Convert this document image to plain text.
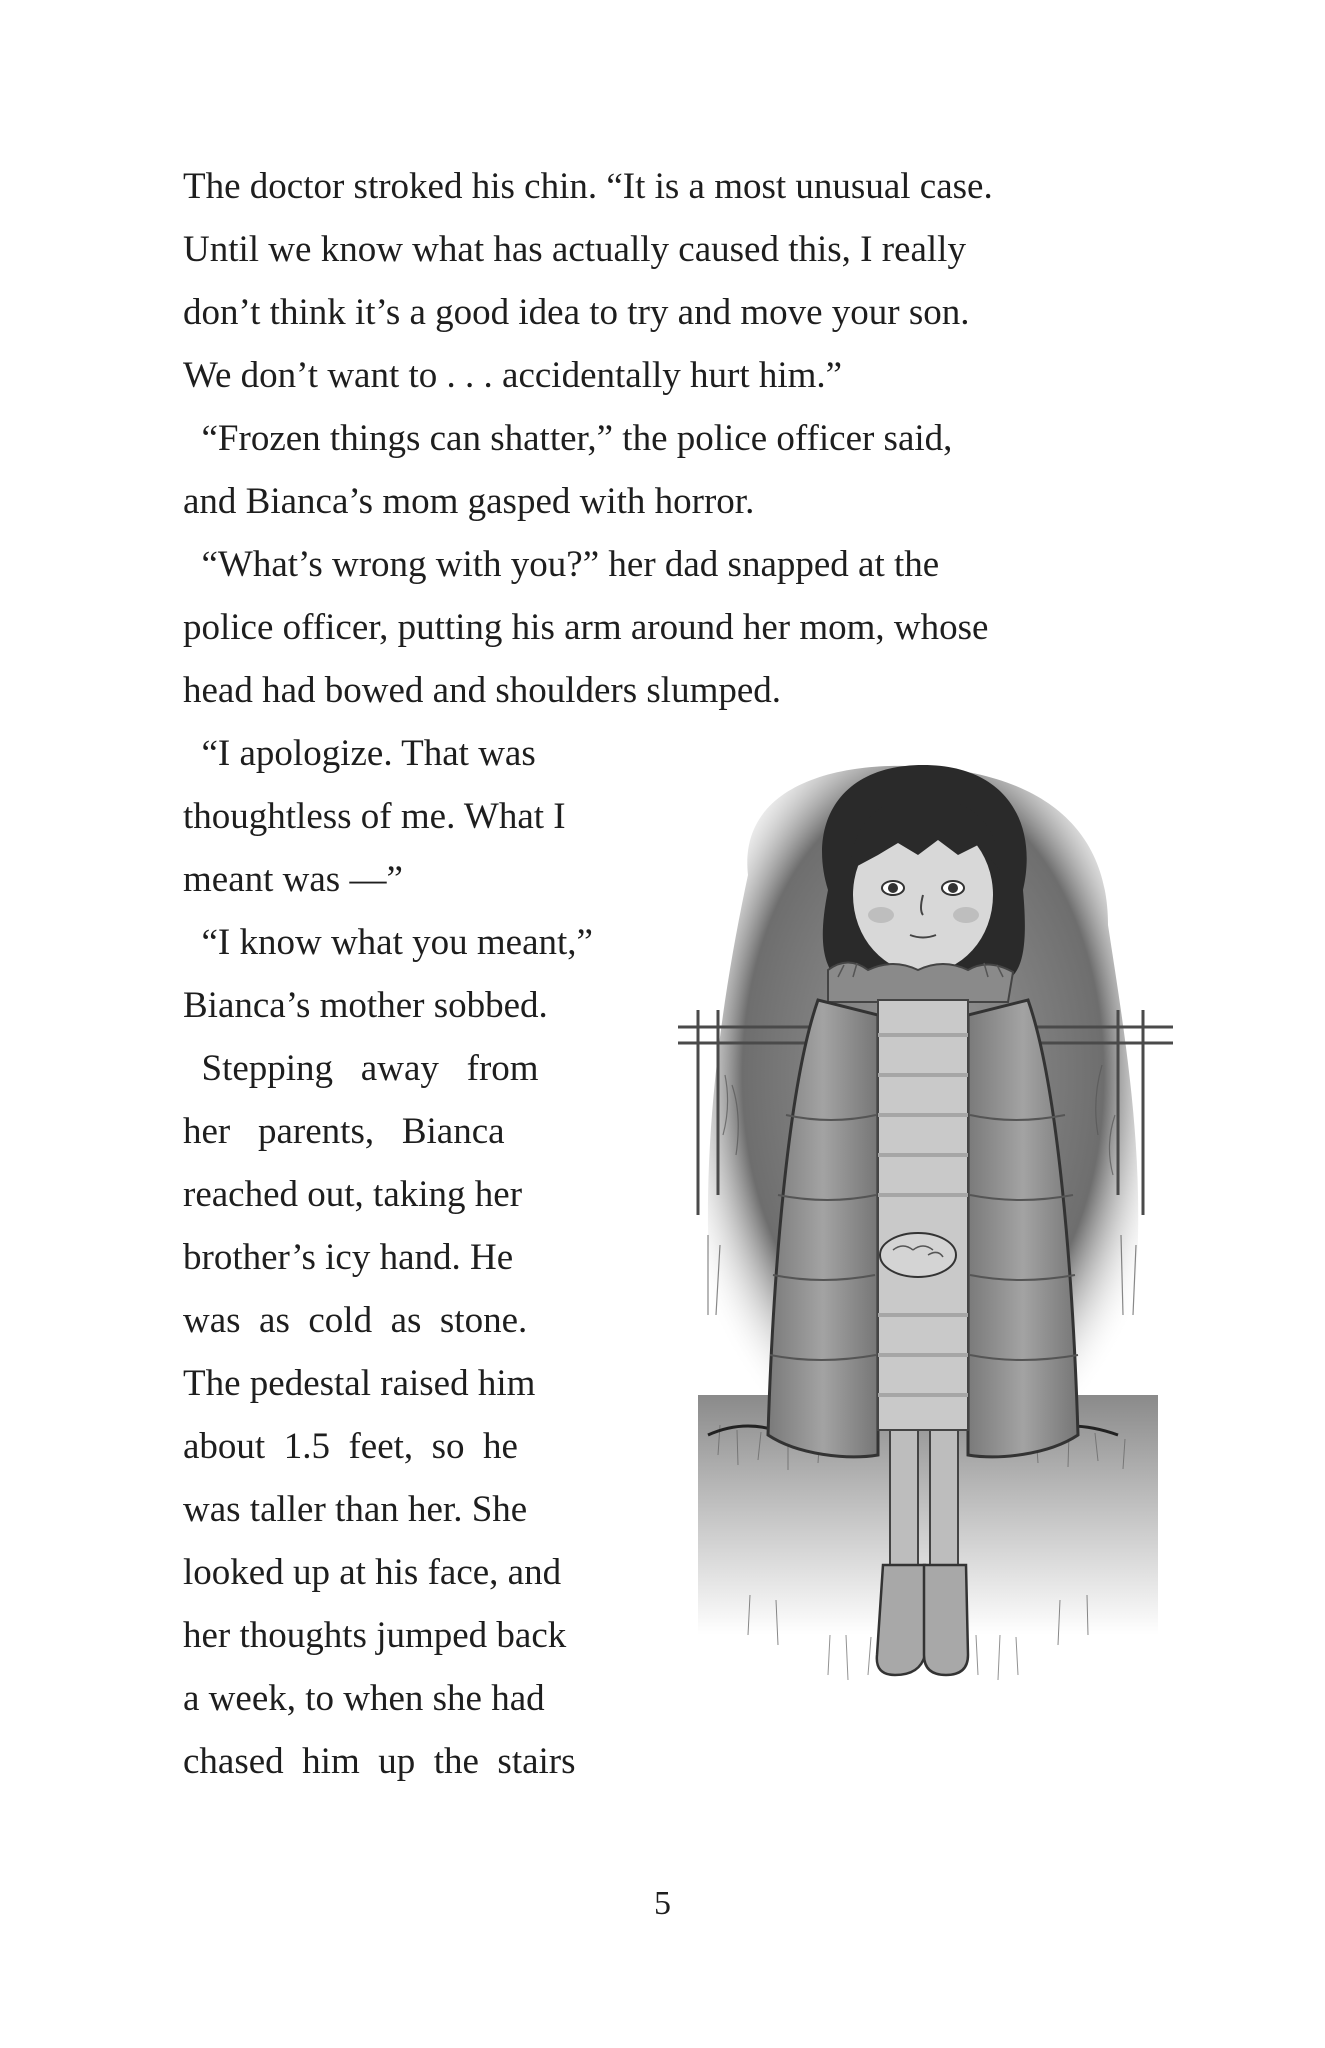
The doctor stroked his chin. “It is a most unusual case.
Until we know what has actually caused this, I really
don’t think it’s a good idea to try and move your son.
We don’t want to . . . accidentally hurt him.”
“Frozen things can shatter,” the police officer said,
and Bianca’s mom gasped with horror.
“What’s wrong with you?” her dad snapped at the
police officer, putting his arm around her mom, whose
head had bowed and shoulders slumped.
“I apologize. That was
thoughtless of me. What I
meant was —”
“I know what you meant,”
Bianca’s mother sobbed.
Stepping   away   from
her   parents,   Bianca
reached out, taking her
brother’s icy hand. He
was  as  cold  as  stone.
The pedestal raised him
about  1.5  feet,  so  he
was taller than her. She
looked up at his face, and
her thoughts jumped back
a week, to when she had
chased  him  up  the  stairs
5
